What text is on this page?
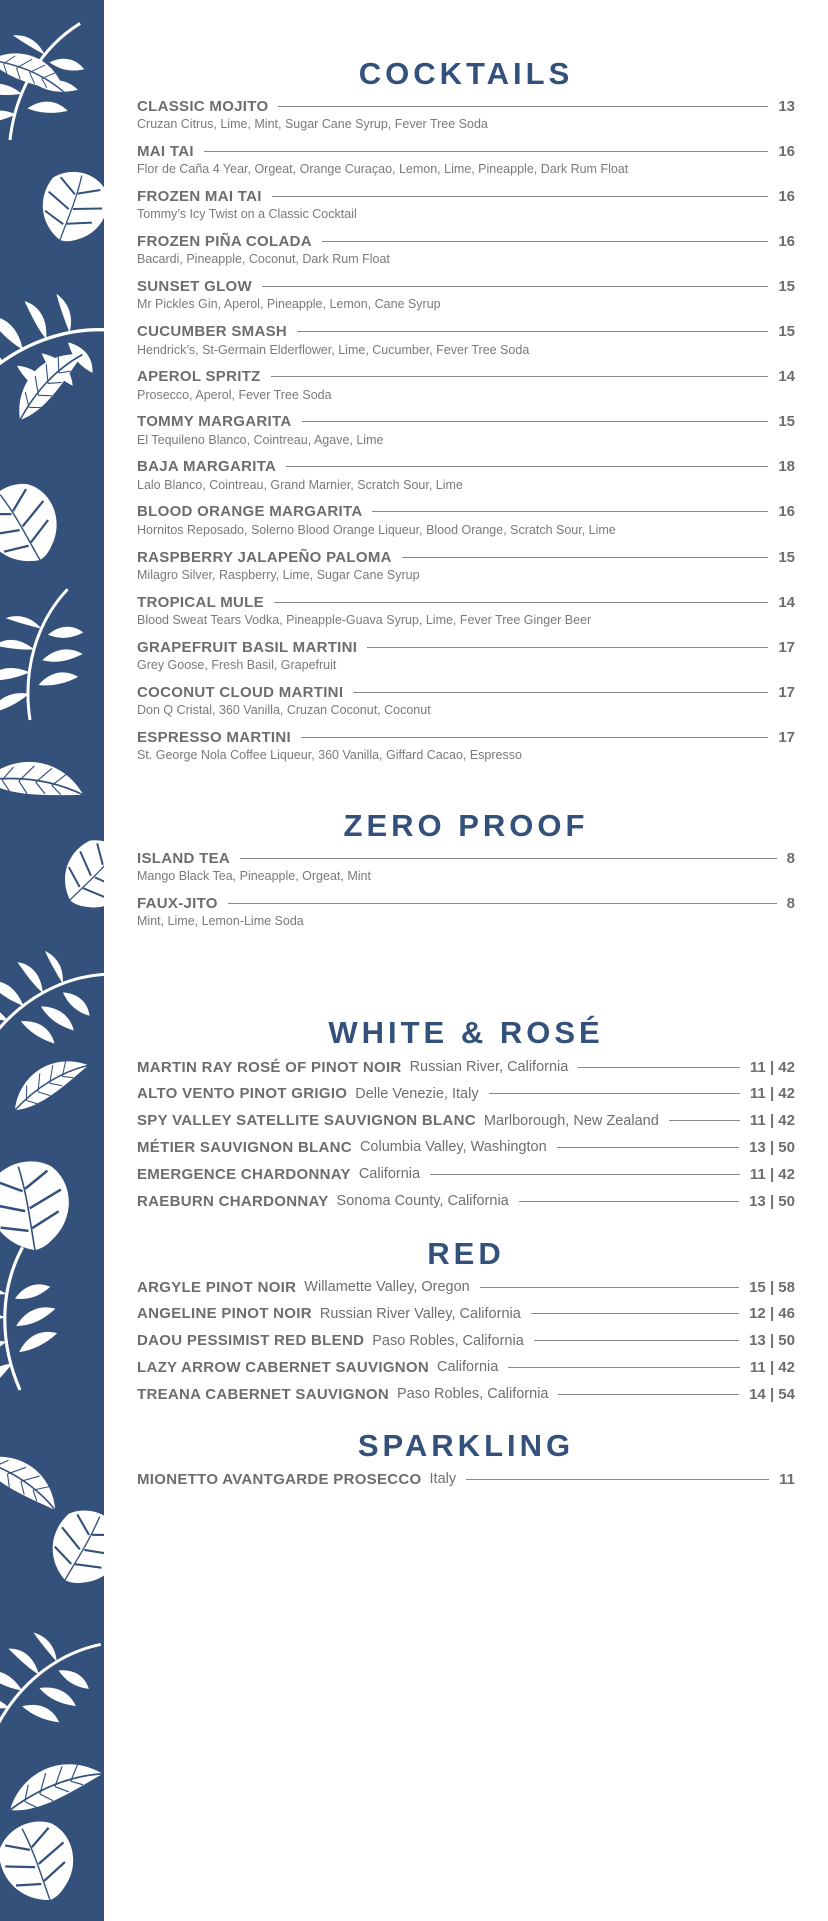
COCKTAILS
CLASSIC MOJITO	13
Cruzan Citrus, Lime, Mint, Sugar Cane Syrup, Fever Tree Soda
MAI TAI	16
Flor de Caña 4 Year, Orgeat, Orange Curaçao, Lemon, Lime, Pineapple, Dark Rum Float
FROZEN MAI TAI	16
Tommy’s Icy Twist on a Classic Cocktail
FROZEN PIÑA COLADA	16
Bacardi, Pineapple, Coconut, Dark Rum Float
SUNSET GLOW	15
Mr Pickles Gin, Aperol, Pineapple, Lemon, Cane Syrup
CUCUMBER SMASH	15
Hendrick’s, St-Germain Elderflower, Lime, Cucumber, Fever Tree Soda
APEROL SPRITZ	14
Prosecco, Aperol, Fever Tree Soda
TOMMY MARGARITA	15
El Tequileno Blanco, Cointreau, Agave, Lime
BAJA MARGARITA	18
Lalo Blanco, Cointreau, Grand Marnier, Scratch Sour, Lime
BLOOD ORANGE MARGARITA	16
Hornitos Reposado, Solerno Blood Orange Liqueur, Blood Orange, Scratch Sour, Lime
RASPBERRY JALAPEÑO PALOMA	15
Milagro Silver, Raspberry, Lime, Sugar Cane Syrup
TROPICAL MULE	14
Blood Sweat Tears Vodka, Pineapple-Guava Syrup, Lime, Fever Tree Ginger Beer
GRAPEFRUIT BASIL MARTINI	17
Grey Goose, Fresh Basil, Grapefruit
COCONUT CLOUD MARTINI	17
Don Q Cristal, 360 Vanilla, Cruzan Coconut, Coconut
ESPRESSO MARTINI	17
St. George Nola Coffee Liqueur, 360 Vanilla, Giffard Cacao, Espresso
ZERO PROOF
ISLAND TEA	8
Mango Black Tea, Pineapple, Orgeat, Mint
FAUX-JITO	8
Mint, Lime, Lemon-Lime Soda
WHITE & ROSÉ
MARTIN RAY ROSÉ OF PINOT NOIR Russian River, California	11 | 42
ALTO VENTO PINOT GRIGIO Delle Venezie, Italy	11 | 42
SPY VALLEY SATELLITE SAUVIGNON BLANC Marlborough, New Zealand	11 | 42
MÉTIER SAUVIGNON BLANC Columbia Valley, Washington	13 | 50
EMERGENCE CHARDONNAY California	11 | 42
RAEBURN CHARDONNAY Sonoma County, California	13 | 50
RED
ARGYLE PINOT NOIR Willamette Valley, Oregon	15 | 58
ANGELINE PINOT NOIR Russian River Valley, California	12 | 46
DAOU PESSIMIST RED BLEND Paso Robles, California	13 | 50
LAZY ARROW CABERNET SAUVIGNON California	11 | 42
TREANA CABERNET SAUVIGNON Paso Robles, California	14 | 54
SPARKLING
MIONETTO AVANTGARDE PROSECCO Italy	11
